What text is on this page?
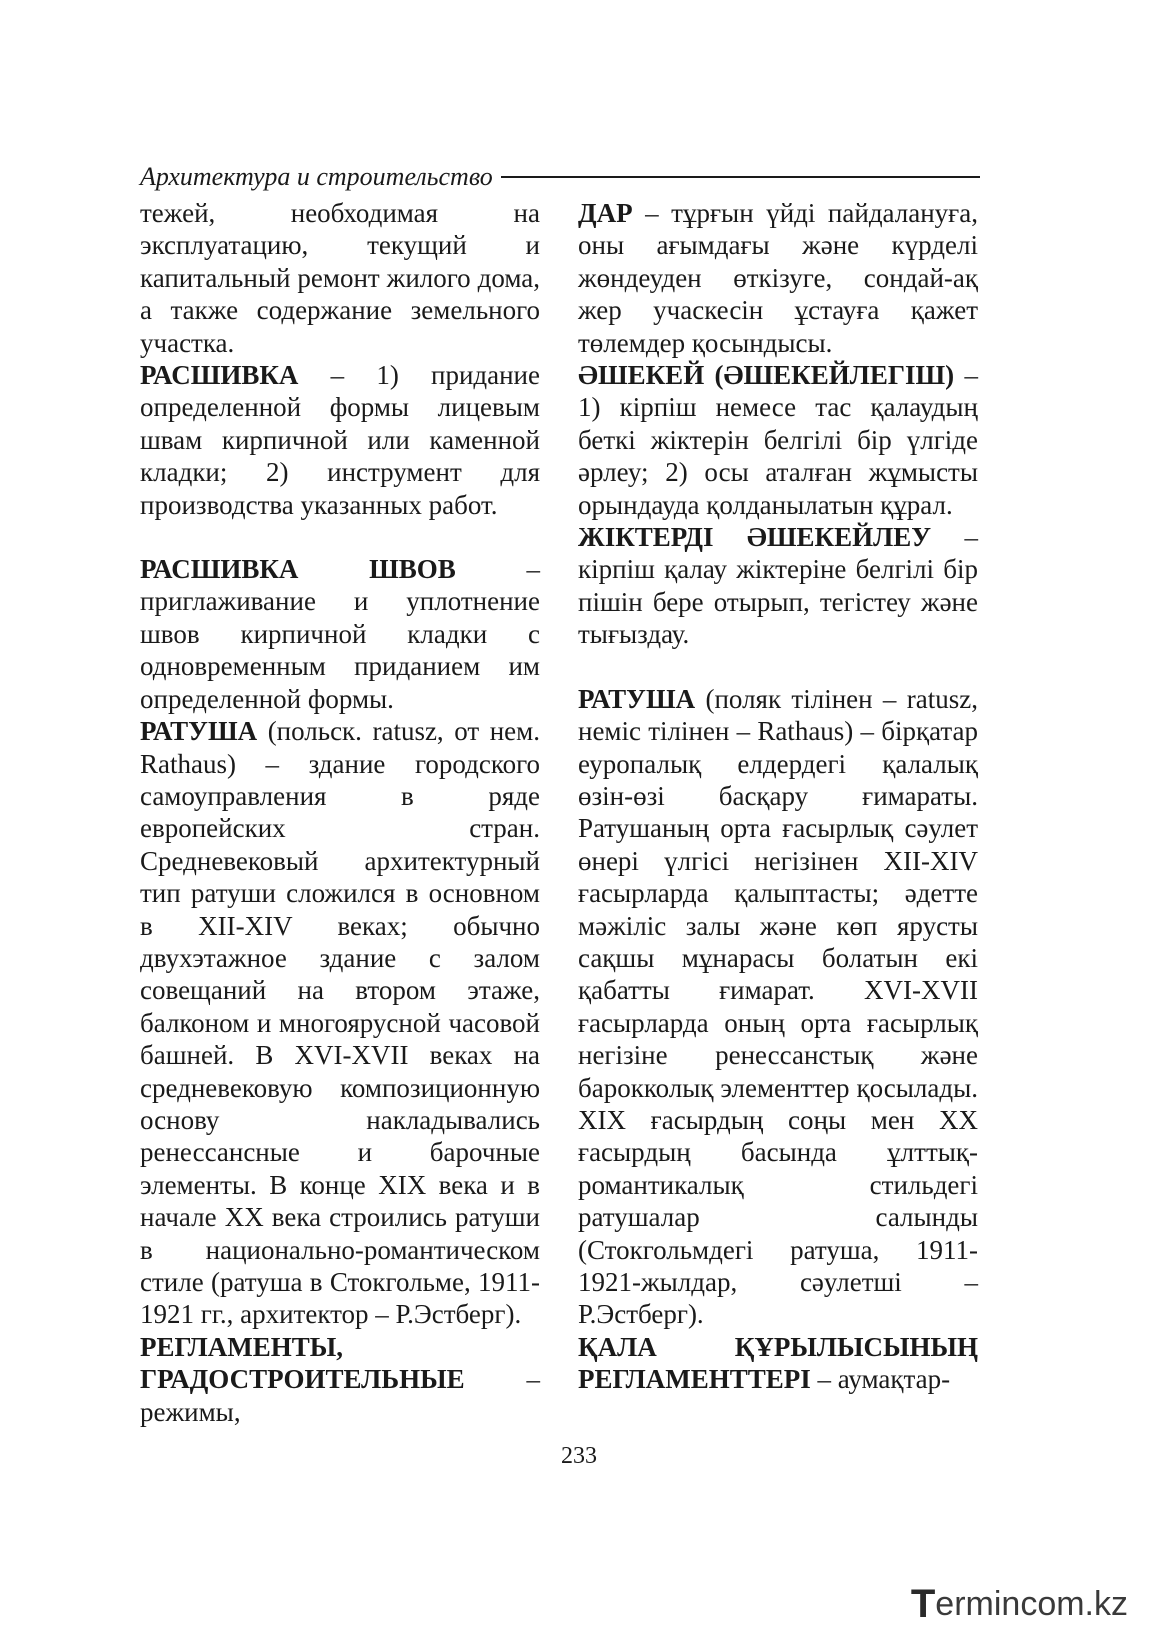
Архитектура и строительство

тежей, необходимая на эксплуатацию, текущий и капитальный ремонт жилого дома, а также содержание земельного участка.

РАСШИВКА – 1) придание определенной формы лицевым швам кирпичной или каменной кладки; 2) инструмент для производства указанных работ.

РАСШИВКА ШВОВ – приглаживание и уплотнение швов кирпичной кладки с одновременным приданием им определенной формы.

РАТУША (польск. ratusz, от нем. Rathaus) – здание городского самоуправления в ряде европейских стран. Средневековый архитектурный тип ратуши сложился в основном в XII-XIV веках; обычно двухэтажное здание с залом совещаний на втором этаже, балконом и многоярусной часовой башней. В XVI-XVII веках на средневековую композиционную основу накладывались ренессансные и барочные элементы. В конце XIX века и в начале XX века строились ратуши в национально-романтическом стиле (ратуша в Стокгольме, 1911-1921 гг., архитектор – Р.Эстберг).

РЕГЛАМЕНТЫ, ГРАДОСТРОИТЕЛЬНЫЕ – режимы,

ДАР – тұрғын үйді пайдалануға, оны ағымдағы және күрделі жөндеуден өткізуге, сондай-ақ жер учаскесін ұстауға қажет төлемдер қосындысы.

ӘШЕКЕЙ (ӘШЕКЕЙЛЕГІШ) – 1) кірпіш немесе тас қалаудың беткі жіктерін белгілі бір үлгіде әрлеу; 2) осы аталған жұмысты орындауда қолданылатын құрал.

ЖІКТЕРДІ ӘШЕКЕЙЛЕУ – кірпіш қалау жіктеріне белгілі бір пішін бере отырып, тегістеу және тығыздау.

РАТУША (поляк тілінен – ratusz, неміс тілінен – Rathaus) – бірқатар еуропалық елдердегі қалалық өзін-өзі басқару ғимараты. Ратушаның орта ғасырлық сәулет өнері үлгісі негізінен XII-XIV ғасырларда қалыптасты; әдетте мәжіліс залы және көп ярусты сақшы мұнарасы болатын екі қабатты ғимарат. XVI-XVII ғасырларда оның орта ғасырлық негізіне ренессанстық және барокколық элементтер қосылады. XIX ғасырдың соңы мен XX ғасырдың басында ұлттық-романтикалық стильдегі ратушалар салынды (Стокгольмдегі ратуша, 1911-1921-жылдар, сәулетші – Р.Эстберг).

ҚАЛА ҚҰРЫЛЫСЫНЫҢ РЕГЛАМЕНТТЕРІ – аумақтар-

233
T ermincom.kz
